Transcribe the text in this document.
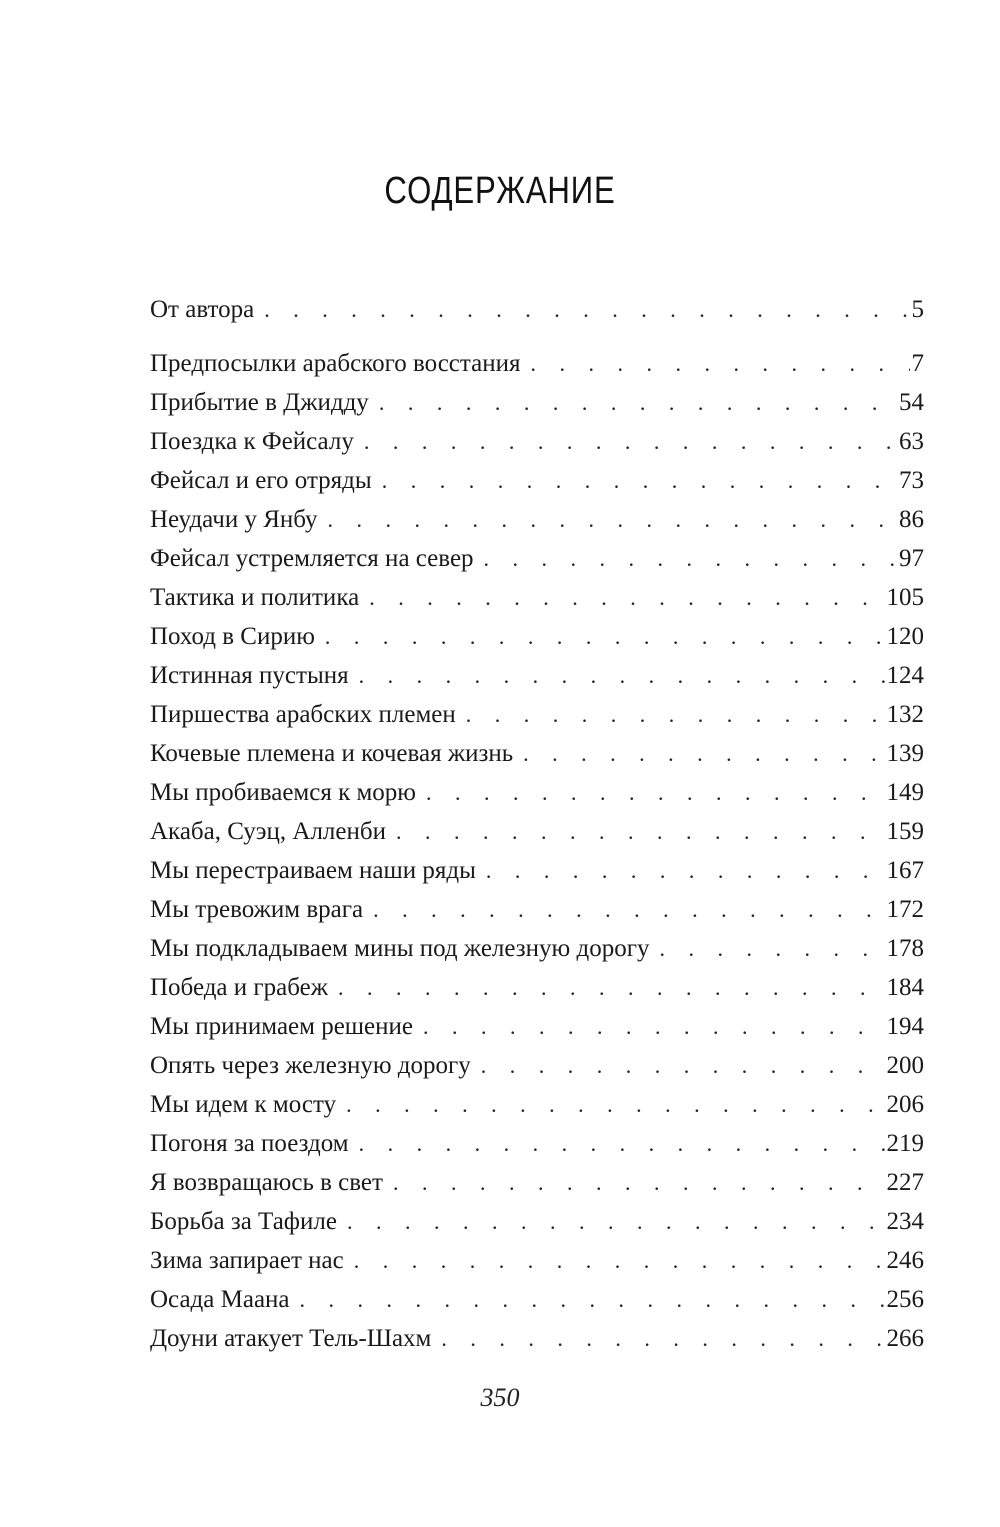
СОДЕРЖАНИЕ
От автора . . .	5
Предпосылки арабского восстания . . .	7
Прибытие в Джидду . . .	54
Поездка к Фейсалу . . .	63
Фейсал и его отряды . . .	73
Неудачи у Янбу . . .	86
Фейсал устремляется на север . . .	97
Тактика и политика . . .	105
Поход в Сирию . . .	120
Истинная пустыня . . .	124
Пиршества арабских племен . . .	132
Кочевые племена и кочевая жизнь . . .	139
Мы пробиваемся к морю . . .	149
Акаба, Суэц, Алленби . . .	159
Мы перестраиваем наши ряды . . .	167
Мы тревожим врага . . .	172
Мы подкладываем мины под железную дорогу . . .	178
Победа и грабеж . . .	184
Мы принимаем решение . . .	194
Опять через железную дорогу . . .	200
Мы идем к мосту . . .	206
Погоня за поездом . . .	219
Я возвращаюсь в свет . . .	227
Борьба за Тафиле . . .	234
Зима запирает нас . . .	246
Осада Маана . . .	256
Доуни атакует Тель-Шахм . . .	266
350
